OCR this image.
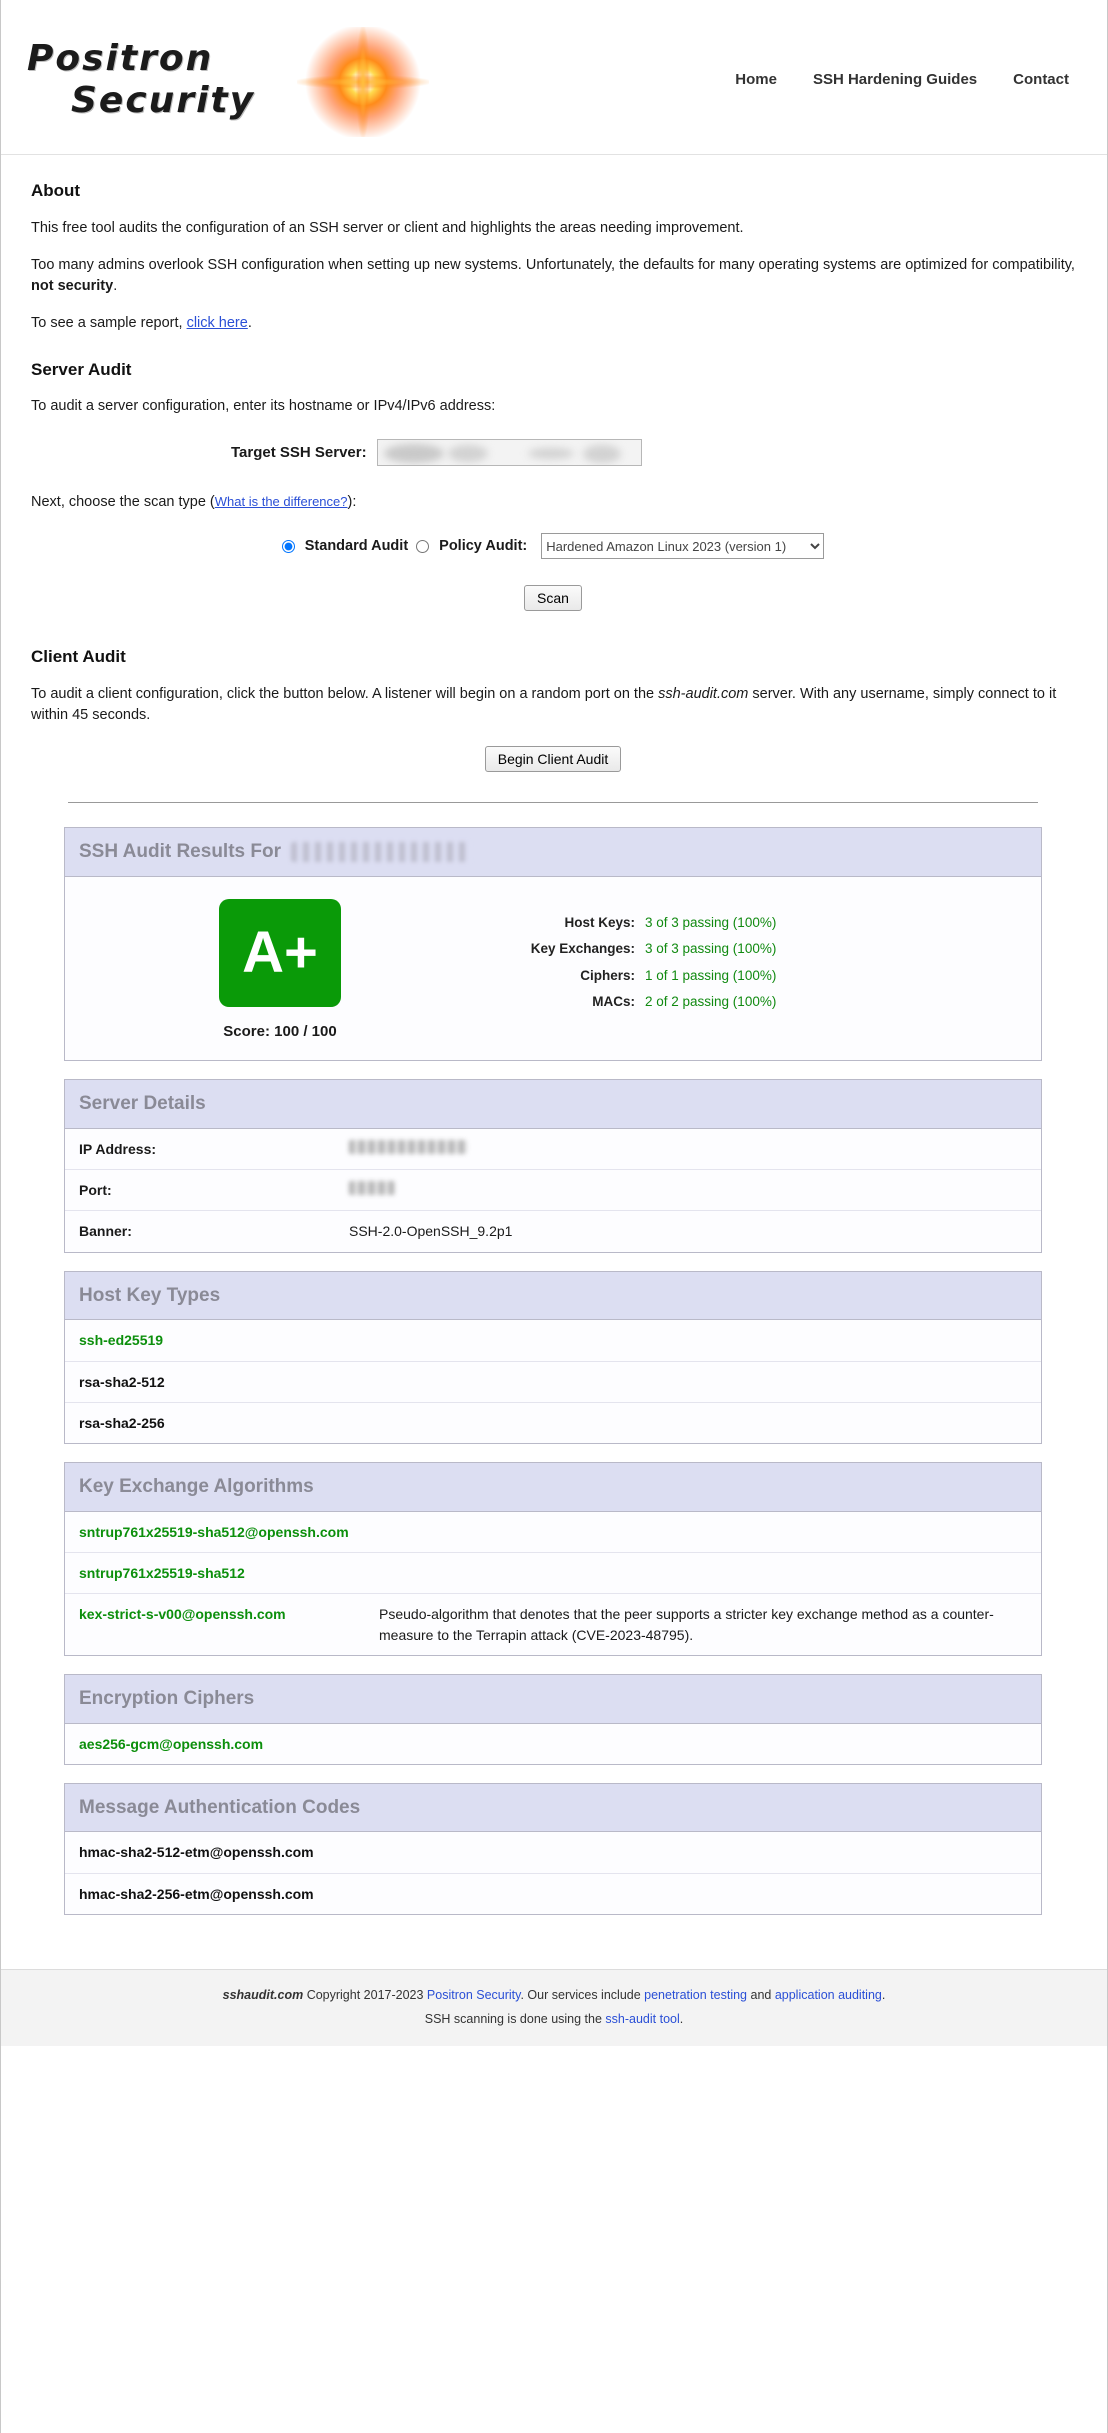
Positron
Security
Home SSH Hardening Guides Contact
About

This free tool audits the configuration of an SSH server or client and highlights the areas needing improvement.

Too many admins overlook SSH configuration when setting up new systems. Unfortunately, the defaults for many operating systems are optimized for compatibility, not security.

To see a sample report, click here.

Server Audit

To audit a server configuration, enter its hostname or IPv4/IPv6 address:

Target SSH Server:

Next, choose the scan type (What is the difference?):

Standard Audit Policy Audit:
Hardened Amazon Linux 2023 (version 1)
Scan
Client Audit

To audit a client configuration, click the button below. A listener will begin on a random port on the ssh-audit.com server. With any username, simply connect to it within 45 seconds.

Begin Client Audit
SSH Audit Results For
A+
Score: 100 / 100
Host Keys: 3 of 3 passing (100%)
Key Exchanges: 3 of 3 passing (100%)
Ciphers: 1 of 1 passing (100%)
MACs: 2 of 2 passing (100%)
Server Details
IP Address:	
Port:	
Banner:	SSH-2.0-OpenSSH_9.2p1
Host Key Types
ssh-ed25519
rsa-sha2-512
rsa-sha2-256
Key Exchange Algorithms
sntrup761x25519-sha512@openssh.com	
sntrup761x25519-sha512	
kex-strict-s-v00@openssh.com	Pseudo-algorithm that denotes that the peer supports a stricter key exchange method as a counter-measure to the Terrapin attack (CVE-2023-48795).
Encryption Ciphers
aes256-gcm@openssh.com
Message Authentication Codes
hmac-sha2-512-etm@openssh.com
hmac-sha2-256-etm@openssh.com
sshaudit.com Copyright 2017-2023 Positron Security. Our services include penetration testing and application auditing.
SSH scanning is done using the ssh-audit tool.
